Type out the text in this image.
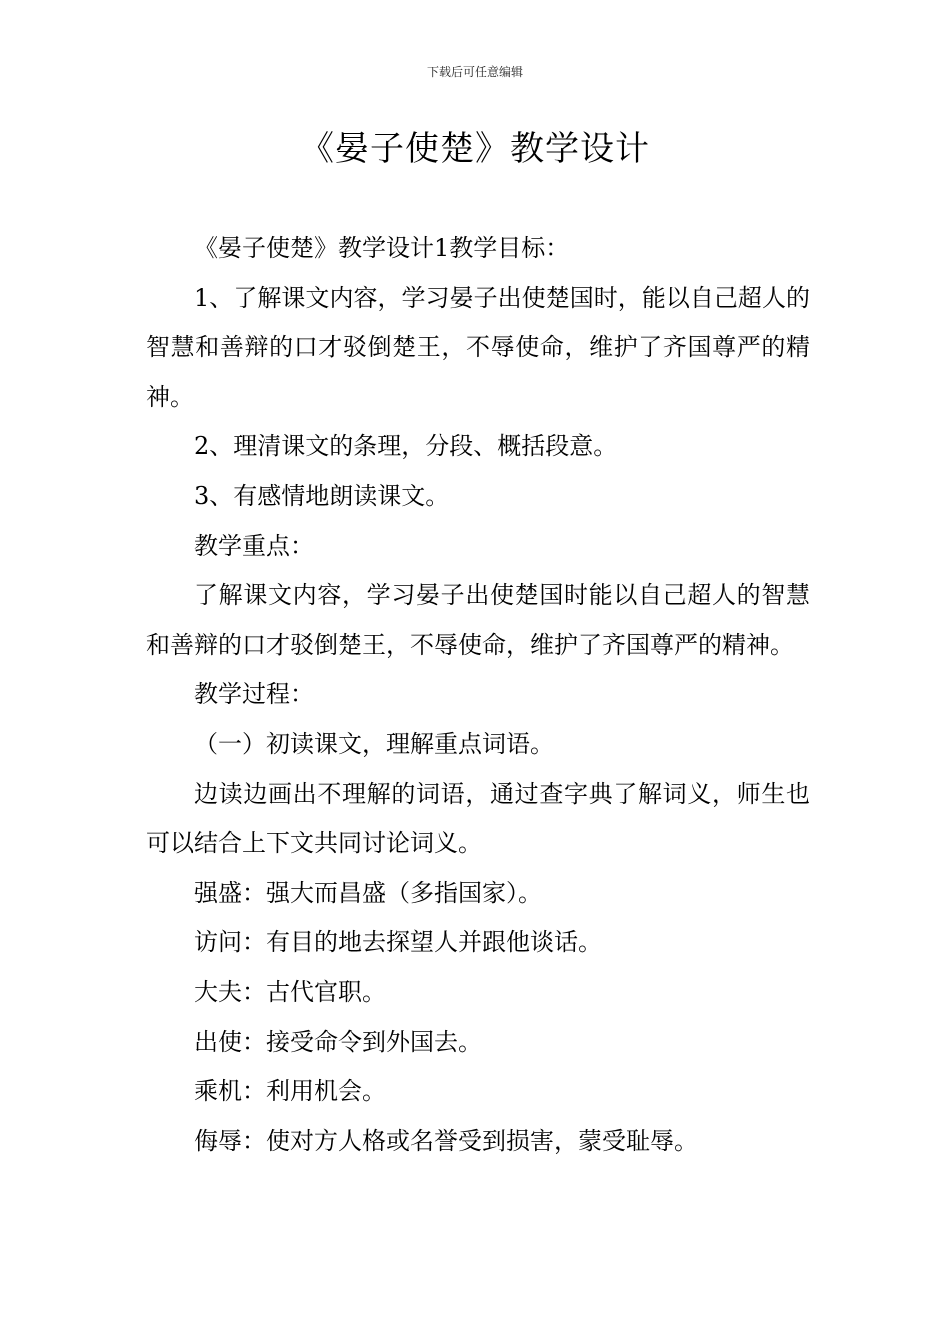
下载后可任意编辑
《晏子使楚》教学设计

《晏子使楚》教学设计1教学目标：

1、了解课文内容，学习晏子出使楚国时，能以自己超人的智慧和善辩的口才驳倒楚王，不辱使命，维护了齐国尊严的精神。

2、理清课文的条理，分段、概括段意。

3、有感情地朗读课文。

教学重点：

了解课文内容，学习晏子出使楚国时能以自己超人的智慧和善辩的口才驳倒楚王，不辱使命，维护了齐国尊严的精神。

教学过程：

（一）初读课文，理解重点词语。

边读边画出不理解的词语，通过查字典了解词义，师生也可以结合上下文共同讨论词义。

强盛：强大而昌盛（多指国家）。

访问：有目的地去探望人并跟他谈话。

大夫：古代官职。

出使：接受命令到外国去。

乘机：利用机会。

侮辱：使对方人格或名誉受到损害，蒙受耻辱。
